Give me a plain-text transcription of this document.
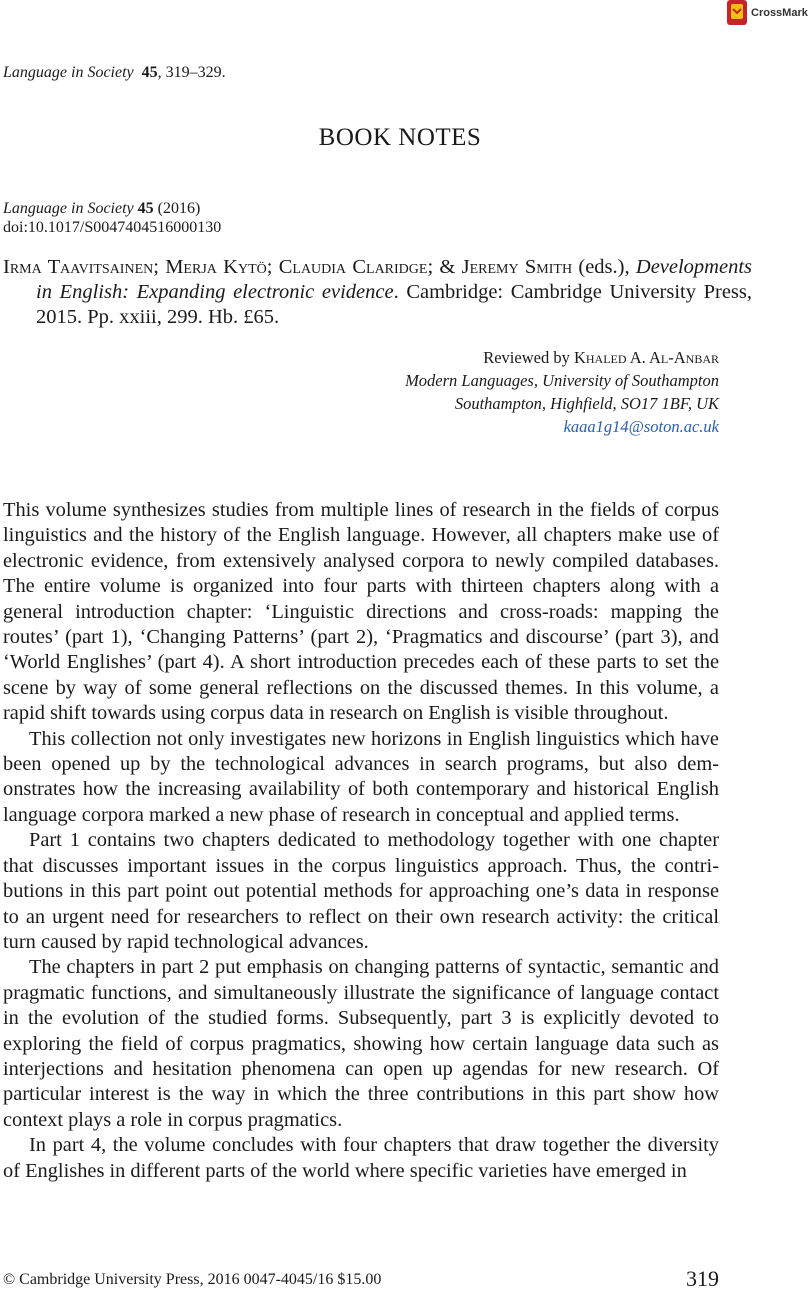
CrossMark
Language in Society 45, 319–329.
BOOK NOTES
Language in Society 45 (2016)
doi:10.1017/S0047404516000130
Irma Taavitsainen; Merja Kytö; Claudia Claridge; & Jeremy Smith (eds.), Developments in English: Expanding electronic evidence. Cambridge: Cambridge University Press, 2015. Pp. xxiii, 299. Hb. £65.
Reviewed by Khaled A. Al-Anbar
Modern Languages, University of Southampton
Southampton, Highfield, SO17 1BF, UK
kaaa1g14@soton.ac.uk

This volume synthesizes studies from multiple lines of research in the fields of corpus linguistics and the history of the English language. However, all chapters make use of electronic evidence, from extensively analysed corpora to newly compiled databases. The entire volume is organized into four parts with thirteen chapters along with a general introduction chapter: ‘Linguistic directions and cross-roads: mapping the routes’ (part 1), ‘Changing Patterns’ (part 2), ‘Pragmatics and discourse’ (part 3), and ‘World Englishes’ (part 4). A short introduction precedes each of these parts to set the scene by way of some general reflections on the discussed themes. In this volume, a rapid shift towards using corpus data in research on English is visible throughout.

This collection not only investigates new horizons in English linguistics which have been opened up by the technological advances in search programs, but also demonstrates how the increasing availability of both contemporary and historical English language corpora marked a new phase of research in conceptual and applied terms.

Part 1 contains two chapters dedicated to methodology together with one chapter that discusses important issues in the corpus linguistics approach. Thus, the contributions in this part point out potential methods for approaching one’s data in response to an urgent need for researchers to reflect on their own research activity: the critical turn caused by rapid technological advances.

The chapters in part 2 put emphasis on changing patterns of syntactic, semantic and pragmatic functions, and simultaneously illustrate the significance of language contact in the evolution of the studied forms. Subsequently, part 3 is explicitly devoted to exploring the field of corpus pragmatics, showing how certain language data such as interjections and hesitation phenomena can open up agendas for new research. Of particular interest is the way in which the three contributions in this part show how context plays a role in corpus pragmatics.

In part 4, the volume concludes with four chapters that draw together the diversity of Englishes in different parts of the world where specific varieties have emerged in

© Cambridge University Press, 2016 0047-4045/16 $15.00	319
